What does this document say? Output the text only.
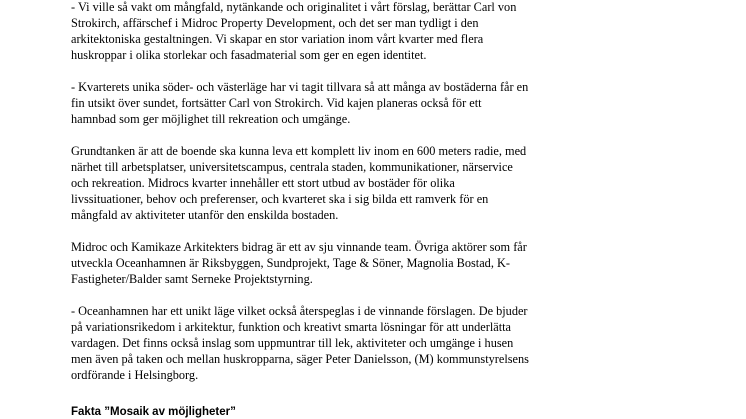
- Vi ville så vakt om mångfald, nytänkande och originalitet i vårt förslag, berättar Carl von
Strokirch, affärschef i Midroc Property Development, och det ser man tydligt i den
arkitektoniska gestaltningen. Vi skapar en stor variation inom vårt kvarter med flera
huskroppar i olika storlekar och fasadmaterial som ger en egen identitet.

- Kvarterets unika söder- och västerläge har vi tagit tillvara så att många av bostäderna får en
fin utsikt över sundet, fortsätter Carl von Strokirch. Vid kajen planeras också för ett
hamnbad som ger möjlighet till rekreation och umgänge.

Grundtanken är att de boende ska kunna leva ett komplett liv inom en 600 meters radie, med
närhet till arbetsplatser, universitetscampus, centrala staden, kommunikationer, närservice
och rekreation. Midrocs kvarter innehåller ett stort utbud av bostäder för olika
livssituationer, behov och preferenser, och kvarteret ska i sig bilda ett ramverk för en
mångfald av aktiviteter utanför den enskilda bostaden.

Midroc och Kamikaze Arkitekters bidrag är ett av sju vinnande team. Övriga aktörer som får
utveckla Oceanhamnen är Riksbyggen, Sundprojekt, Tage & Söner, Magnolia Bostad, K-
Fastigheter/Balder samt Serneke Projektstyrning.

- Oceanhamnen har ett unikt läge vilket också återspeglas i de vinnande förslagen. De bjuder
på variationsrikedom i arkitektur, funktion och kreativt smarta lösningar för att underlätta
vardagen. Det finns också inslag som uppmuntrar till lek, aktiviteter och umgänge i husen
men även på taken och mellan huskropparna, säger Peter Danielsson, (M) kommunstyrelsens
ordförande i Helsingborg.

Fakta ”Mosaik av möjligheter”
